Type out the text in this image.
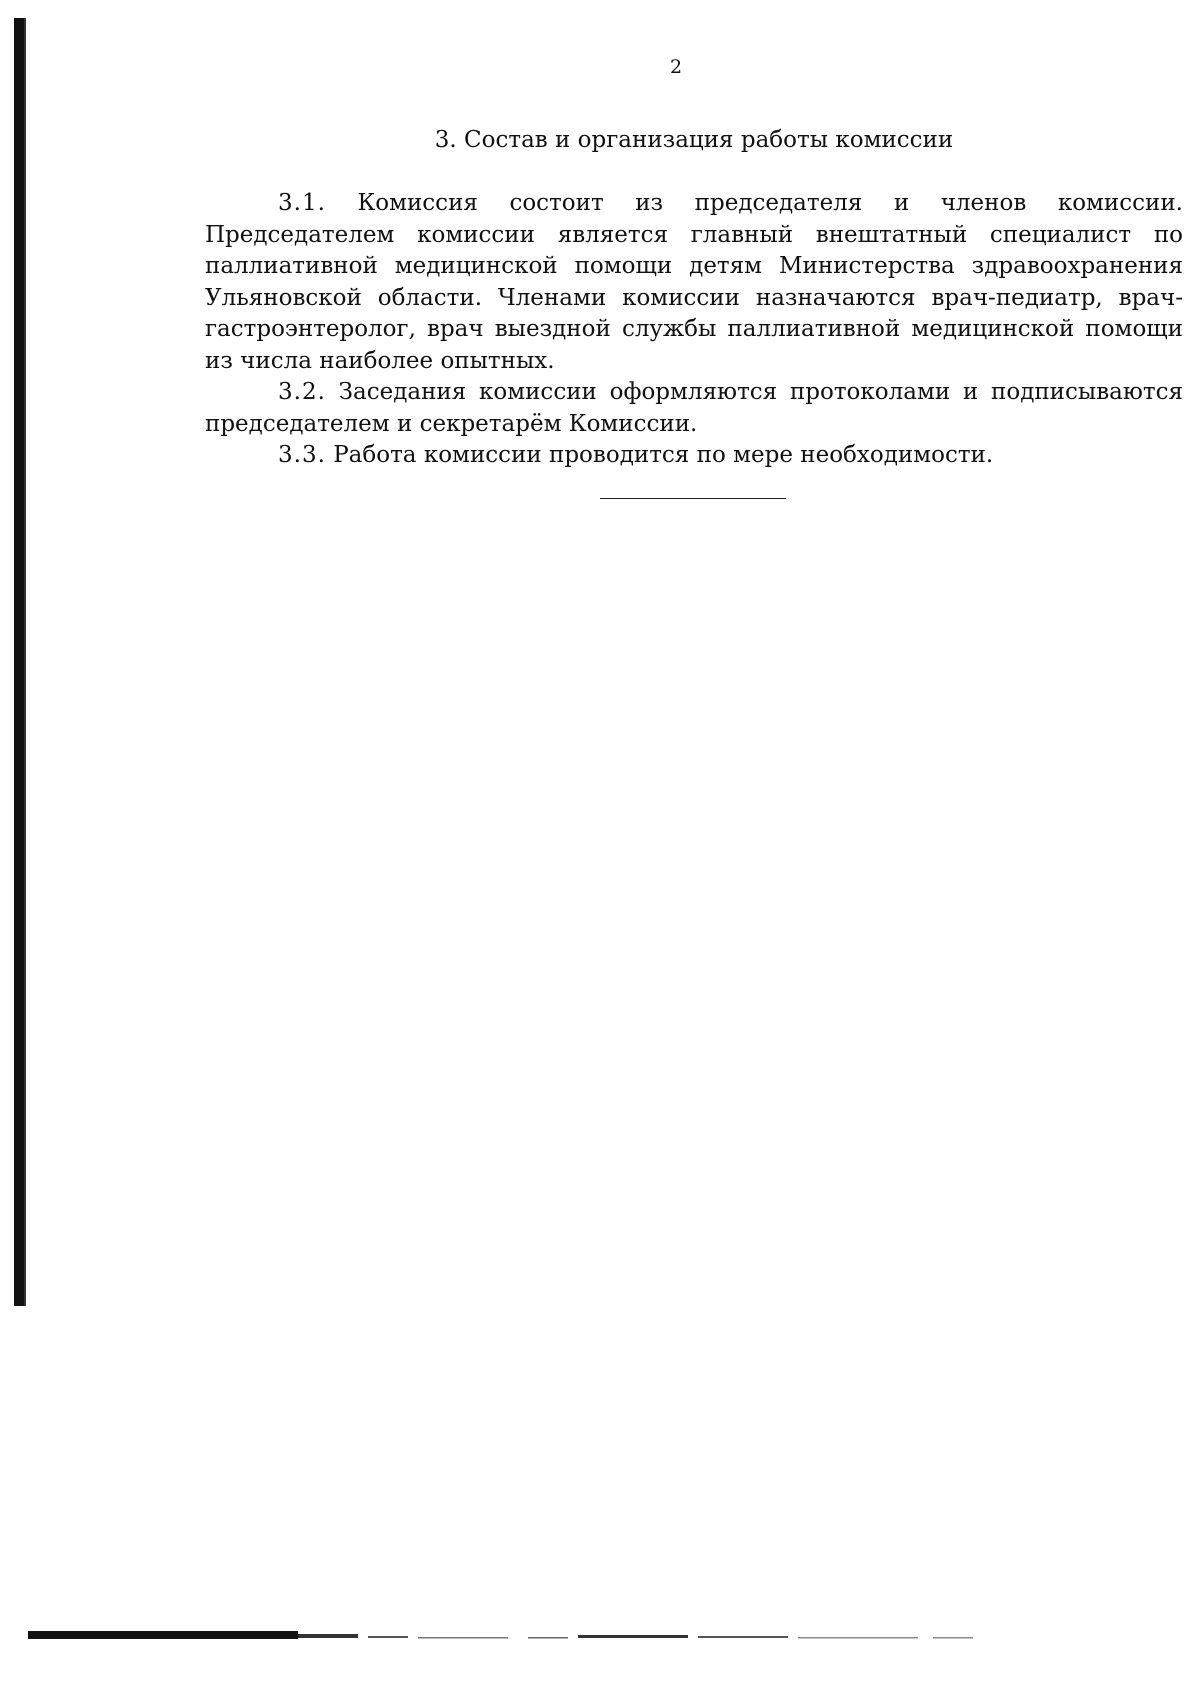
2
3. Состав и организация работы комиссии

3.1. Комиссия состоит из председателя и членов комиссии. Председателем комиссии является главный внештатный специалист по паллиативной медицинской помощи детям Министерства здравоохранения Ульяновской области. Членами комиссии назначаются врач-педиатр, врач-гастроэнтеролог, врач выездной службы паллиативной медицинской помощи из числа наиболее опытных.

3.2. Заседания комиссии оформляются протоколами и подписываются председателем и секретарём Комиссии.

3.3. Работа комиссии проводится по мере необходимости.
